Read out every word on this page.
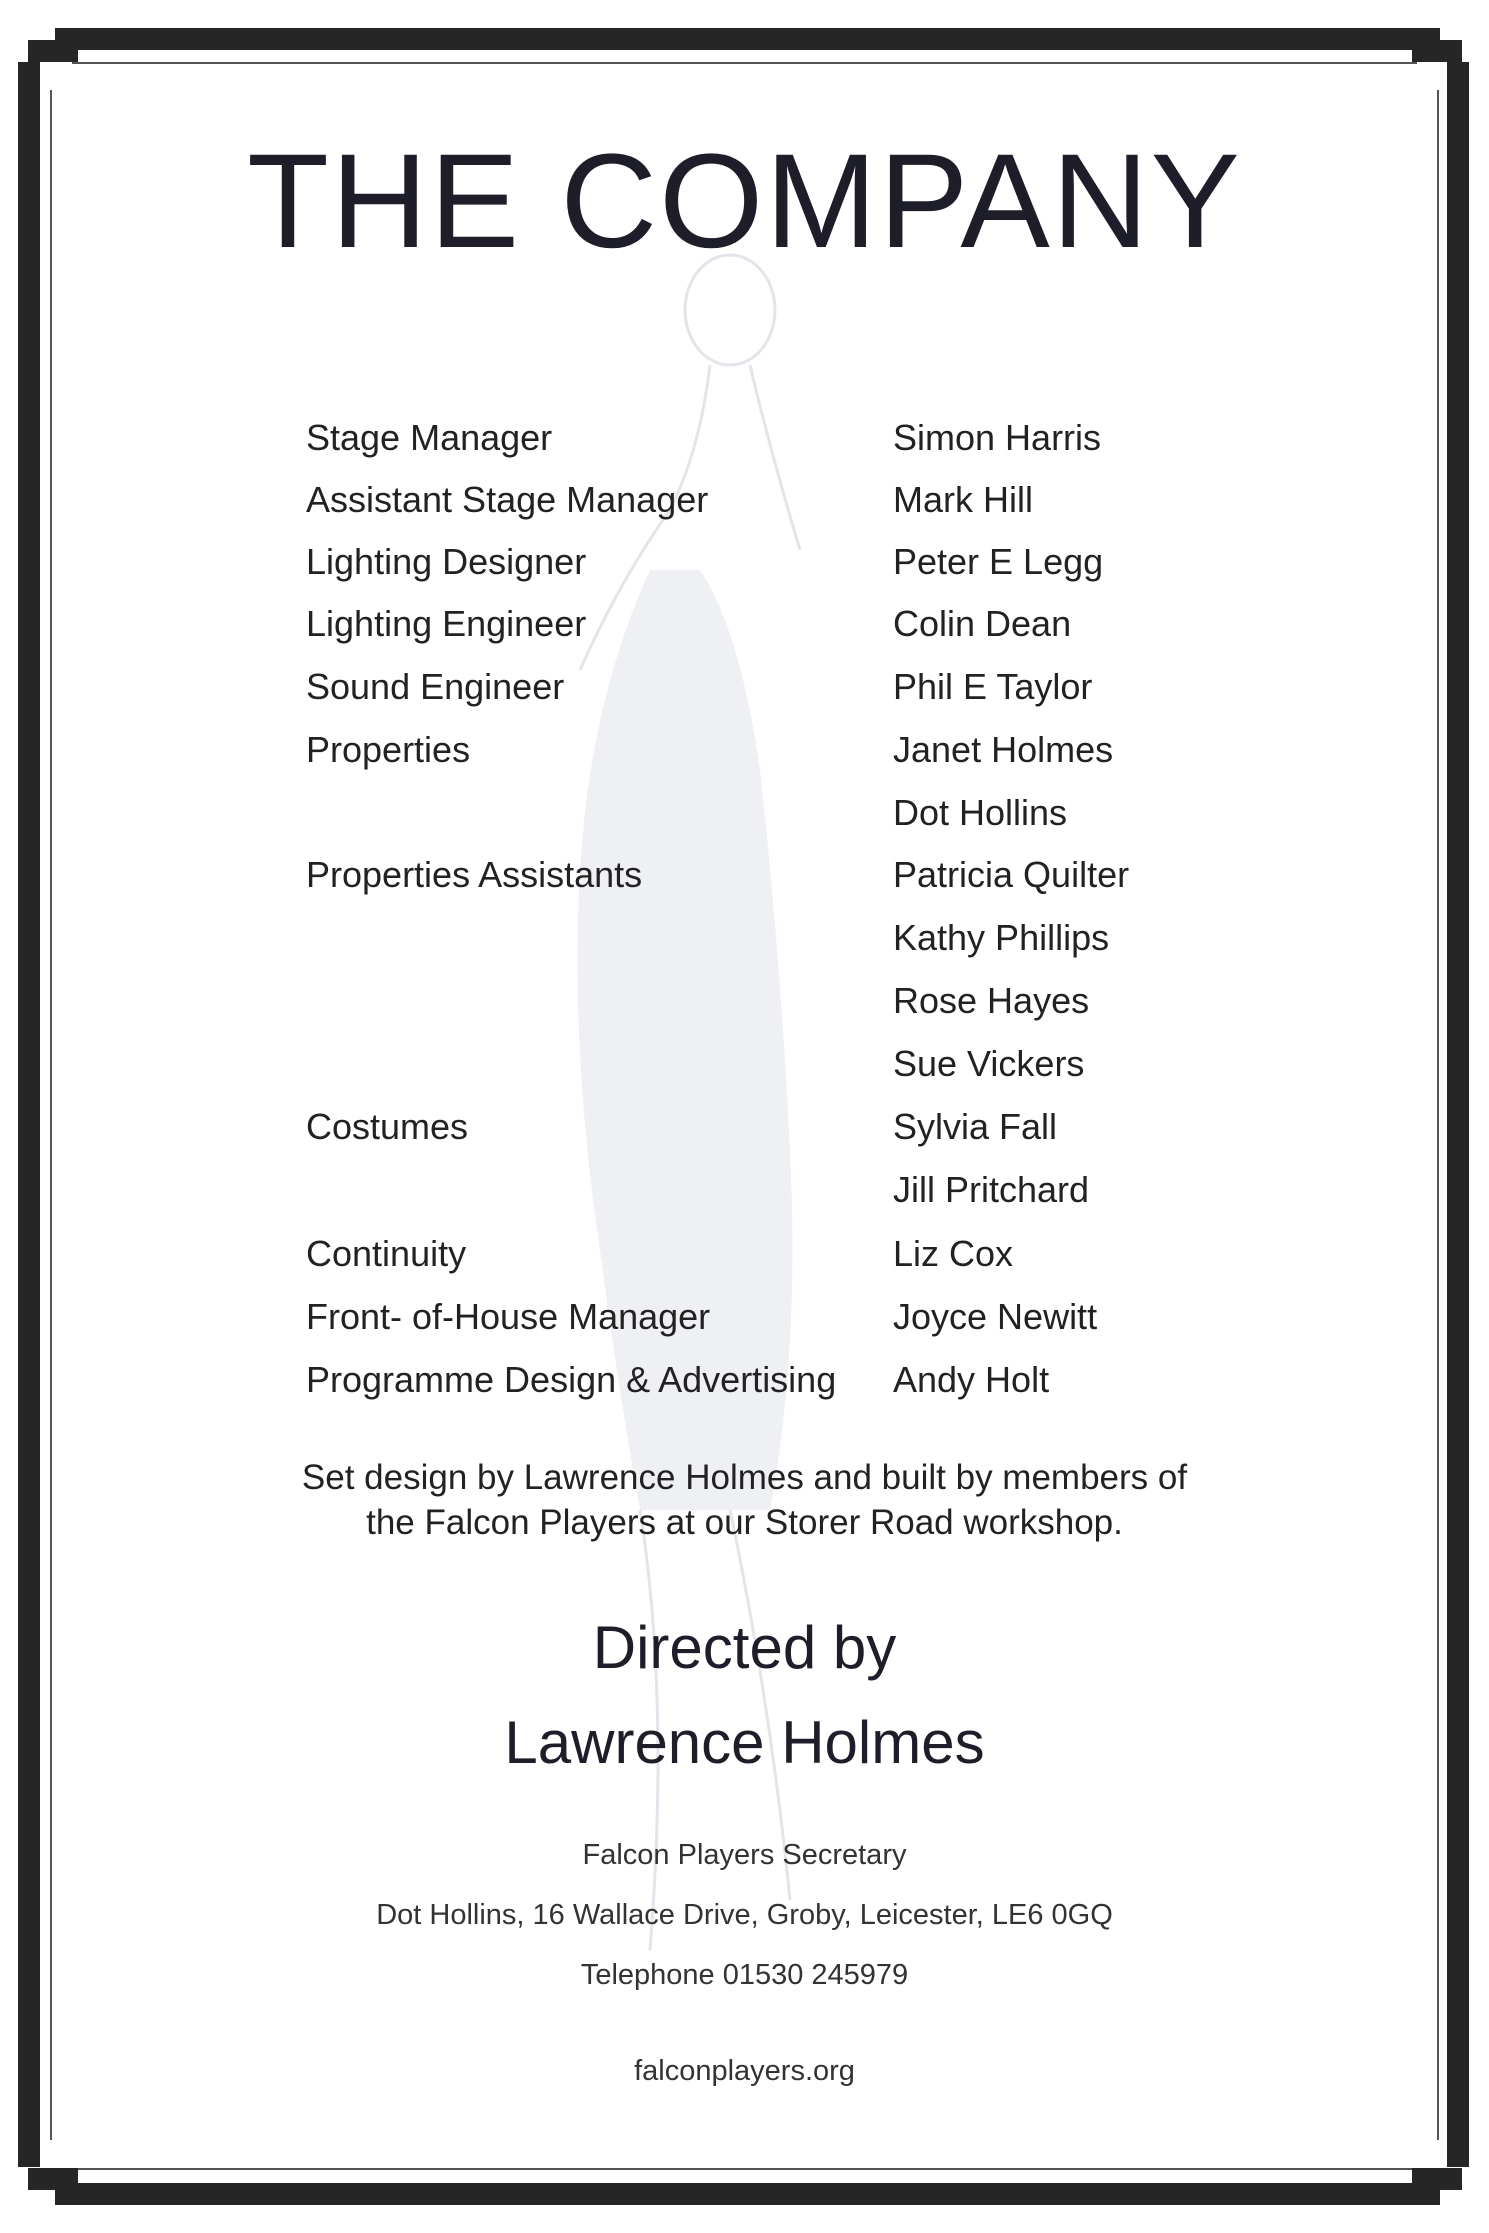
THE COMPANY
Stage Manager	Simon Harris
Assistant Stage Manager	Mark Hill
Lighting Designer	Peter E Legg
Lighting Engineer	Colin Dean
Sound Engineer	Phil E Taylor
Properties	Janet Holmes
Dot Hollins
Properties Assistants	Patricia Quilter
Kathy Phillips
Rose Hayes
Sue Vickers
Costumes	Sylvia Fall
Jill Pritchard
Continuity	Liz Cox
Front- of-House Manager	Joyce Newitt
Programme Design & Advertising Andy Holt
Set design by Lawrence Holmes and built by members of
the Falcon Players at our Storer Road workshop.
Directed by
Lawrence Holmes
Falcon Players Secretary
Dot Hollins, 16 Wallace Drive, Groby, Leicester, LE6 0GQ
Telephone 01530 245979
falconplayers.org
